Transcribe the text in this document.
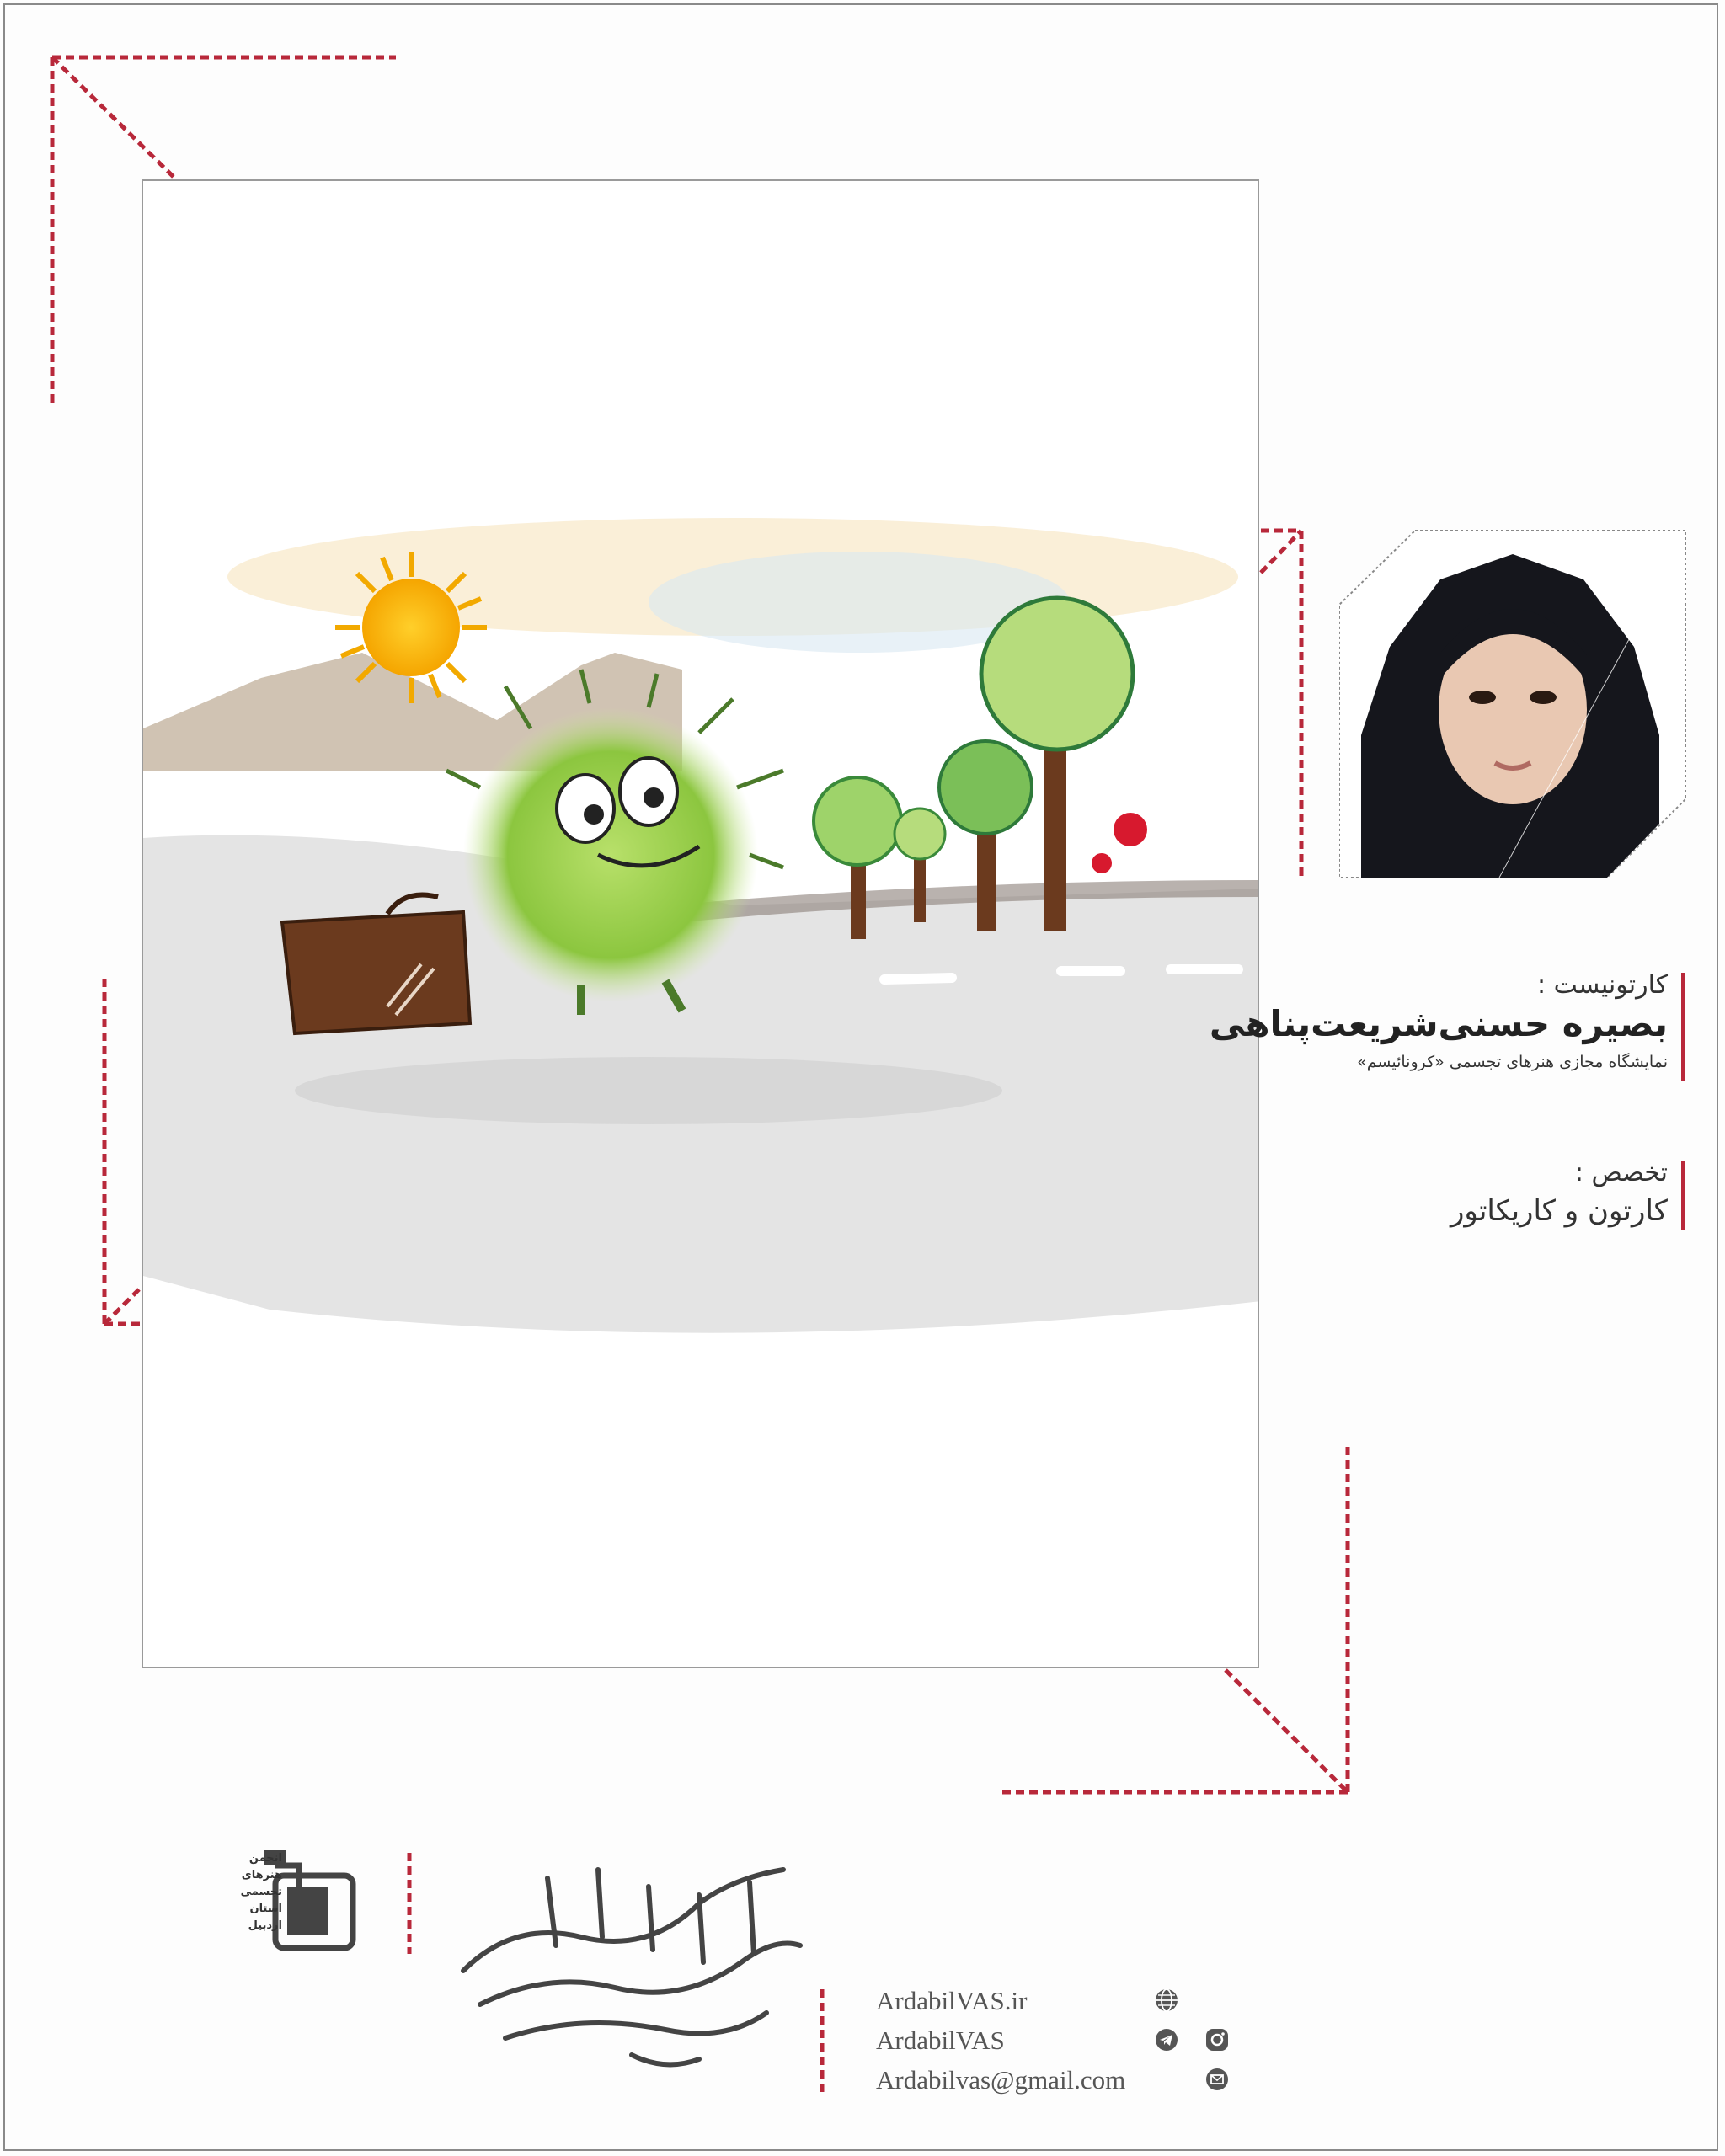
کارتونیست :
بصیره حسنی‌شریعت‌پناهی
نمایشگاه مجازی هنرهای تجسمی «کرونائیسم»
تخصص :
کارتون و کاریکاتور
انجمن
هنرهای
تجسمی
استان اردبیل
ArdabilVAS.ir
ArdabilVAS
Ardabilvas@gmail.com
